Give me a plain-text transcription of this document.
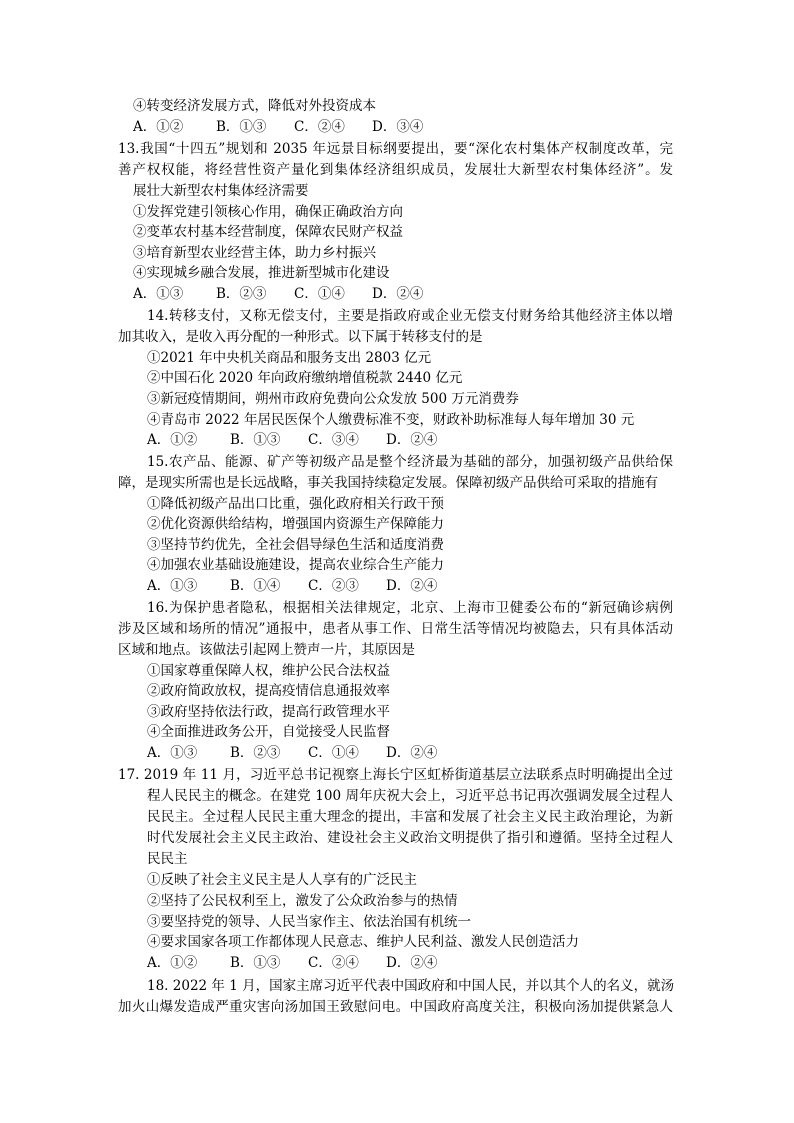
④转变经济发展方式，降低对外投资成本
A．①②	B．①③	C．②④	D．③④
13.我国“十四五”规划和 2035 年远景目标纲要提出，要“深化农村集体产权制度改革，完
善产权权能，将经营性资产量化到集体经济组织成员，发展壮大新型农村集体经济”。发
展壮大新型农村集体经济需要
①发挥党建引领核心作用，确保正确政治方向
②变革农村基本经营制度，保障农民财产权益
③培育新型农业经营主体，助力乡村振兴
④实现城乡融合发展，推进新型城市化建设
A．①③	B．②③	C．①④	D．②④
14.转移支付，又称无偿支付，主要是指政府或企业无偿支付财务给其他经济主体以增
加其收入，是收入再分配的一种形式。以下属于转移支付的是
①2021 年中央机关商品和服务支出 2803 亿元
②中国石化 2020 年向政府缴纳增值税款 2440 亿元
③新冠疫情期间，朔州市政府免费向公众发放 500 万元消费券
④青岛市 2022 年居民医保个人缴费标准不变，财政补助标准每人每年增加 30 元
A．①②	B．①③	C．③④	D．②④
15.农产品、能源、矿产等初级产品是整个经济最为基础的部分，加强初级产品供给保
障，是现实所需也是长远战略，事关我国持续稳定发展。保障初级产品供给可采取的措施有
①降低初级产品出口比重，强化政府相关行政干预
②优化资源供给结构，增强国内资源生产保障能力
③坚持节约优先，全社会倡导绿色生活和适度消费
④加强农业基础设施建设，提高农业综合生产能力
A．①③	B．①④	C．②③	D．②④
16.为保护患者隐私，根据相关法律规定，北京、上海市卫健委公布的“新冠确诊病例
涉及区域和场所的情况”通报中，患者从事工作、日常生活等情况均被隐去，只有具体活动
区域和地点。该做法引起网上赞声一片，其原因是
①国家尊重保障人权，维护公民合法权益
②政府简政放权，提高疫情信息通报效率
③政府坚持依法行政，提高行政管理水平
④全面推进政务公开，自觉接受人民监督
A．①③	B．②③	C．①④	D．②④
17. 2019 年 11 月，习近平总书记视察上海长宁区虹桥街道基层立法联系点时明确提出全过
程人民民主的概念。在建党 100 周年庆祝大会上，习近平总书记再次强调发展全过程人
民民主。全过程人民民主重大理念的提出，丰富和发展了社会主义民主政治理论，为新
时代发展社会主义民主政治、建设社会主义政治文明提供了指引和遵循。坚持全过程人
民民主
①反映了社会主义民主是人人享有的广泛民主
②坚持了公民权利至上，激发了公众政治参与的热情
③要坚持党的领导、人民当家作主、依法治国有机统一
④要求国家各项工作都体现人民意志、维护人民利益、激发人民创造活力
A．①②	B．①③	C．②④	D．②④
18. 2022 年 1 月，国家主席习近平代表中国政府和中国人民，并以其个人的名义，就汤
加火山爆发造成严重灾害向汤加国王致慰问电。中国政府高度关注，积极向汤加提供紧急人
